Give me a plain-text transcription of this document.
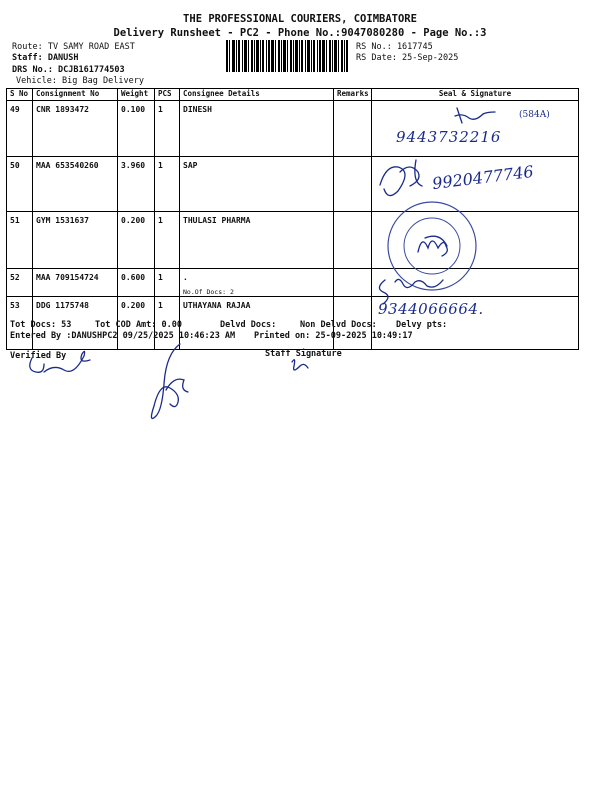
THE PROFESSIONAL COURIERS, COIMBATORE
Delivery Runsheet - PC2 - Phone No.:9047080280 - Page No.:3
Route: TV SAMY ROAD EAST
Staff: DANUSH
DRS No.: DCJB161774503
Vehicle: Big Bag Delivery
RS No.: 1617745
RS Date: 25-Sep-2025
S No	Consignment No	Weight	PCS	Consignee Details	Remarks	Seal & Signature
49	CNR 1893472	0.100	1	DINESH		
50	MAA 653540260	3.960	1	SAP		
51	GYM 1531637	0.200	1	THULASI PHARMA		
52	MAA 709154724	0.600	1	.
No.Of Docs: 2		

53	DDG 1175748	0.200	1	UTHAYANA RAJAA		
(584A)
9443732216
9920477746
9344066664.
Tot Docs: 53	Tot COD Amt: 0.00	Delvd Docs:	Non Delvd Docs: Delvy pts:
Entered By :DANUSHPC2 09/25/2025 10:46:23 AM Printed on: 25-09-2025 10:49:17
Verified By	Staff Signature
